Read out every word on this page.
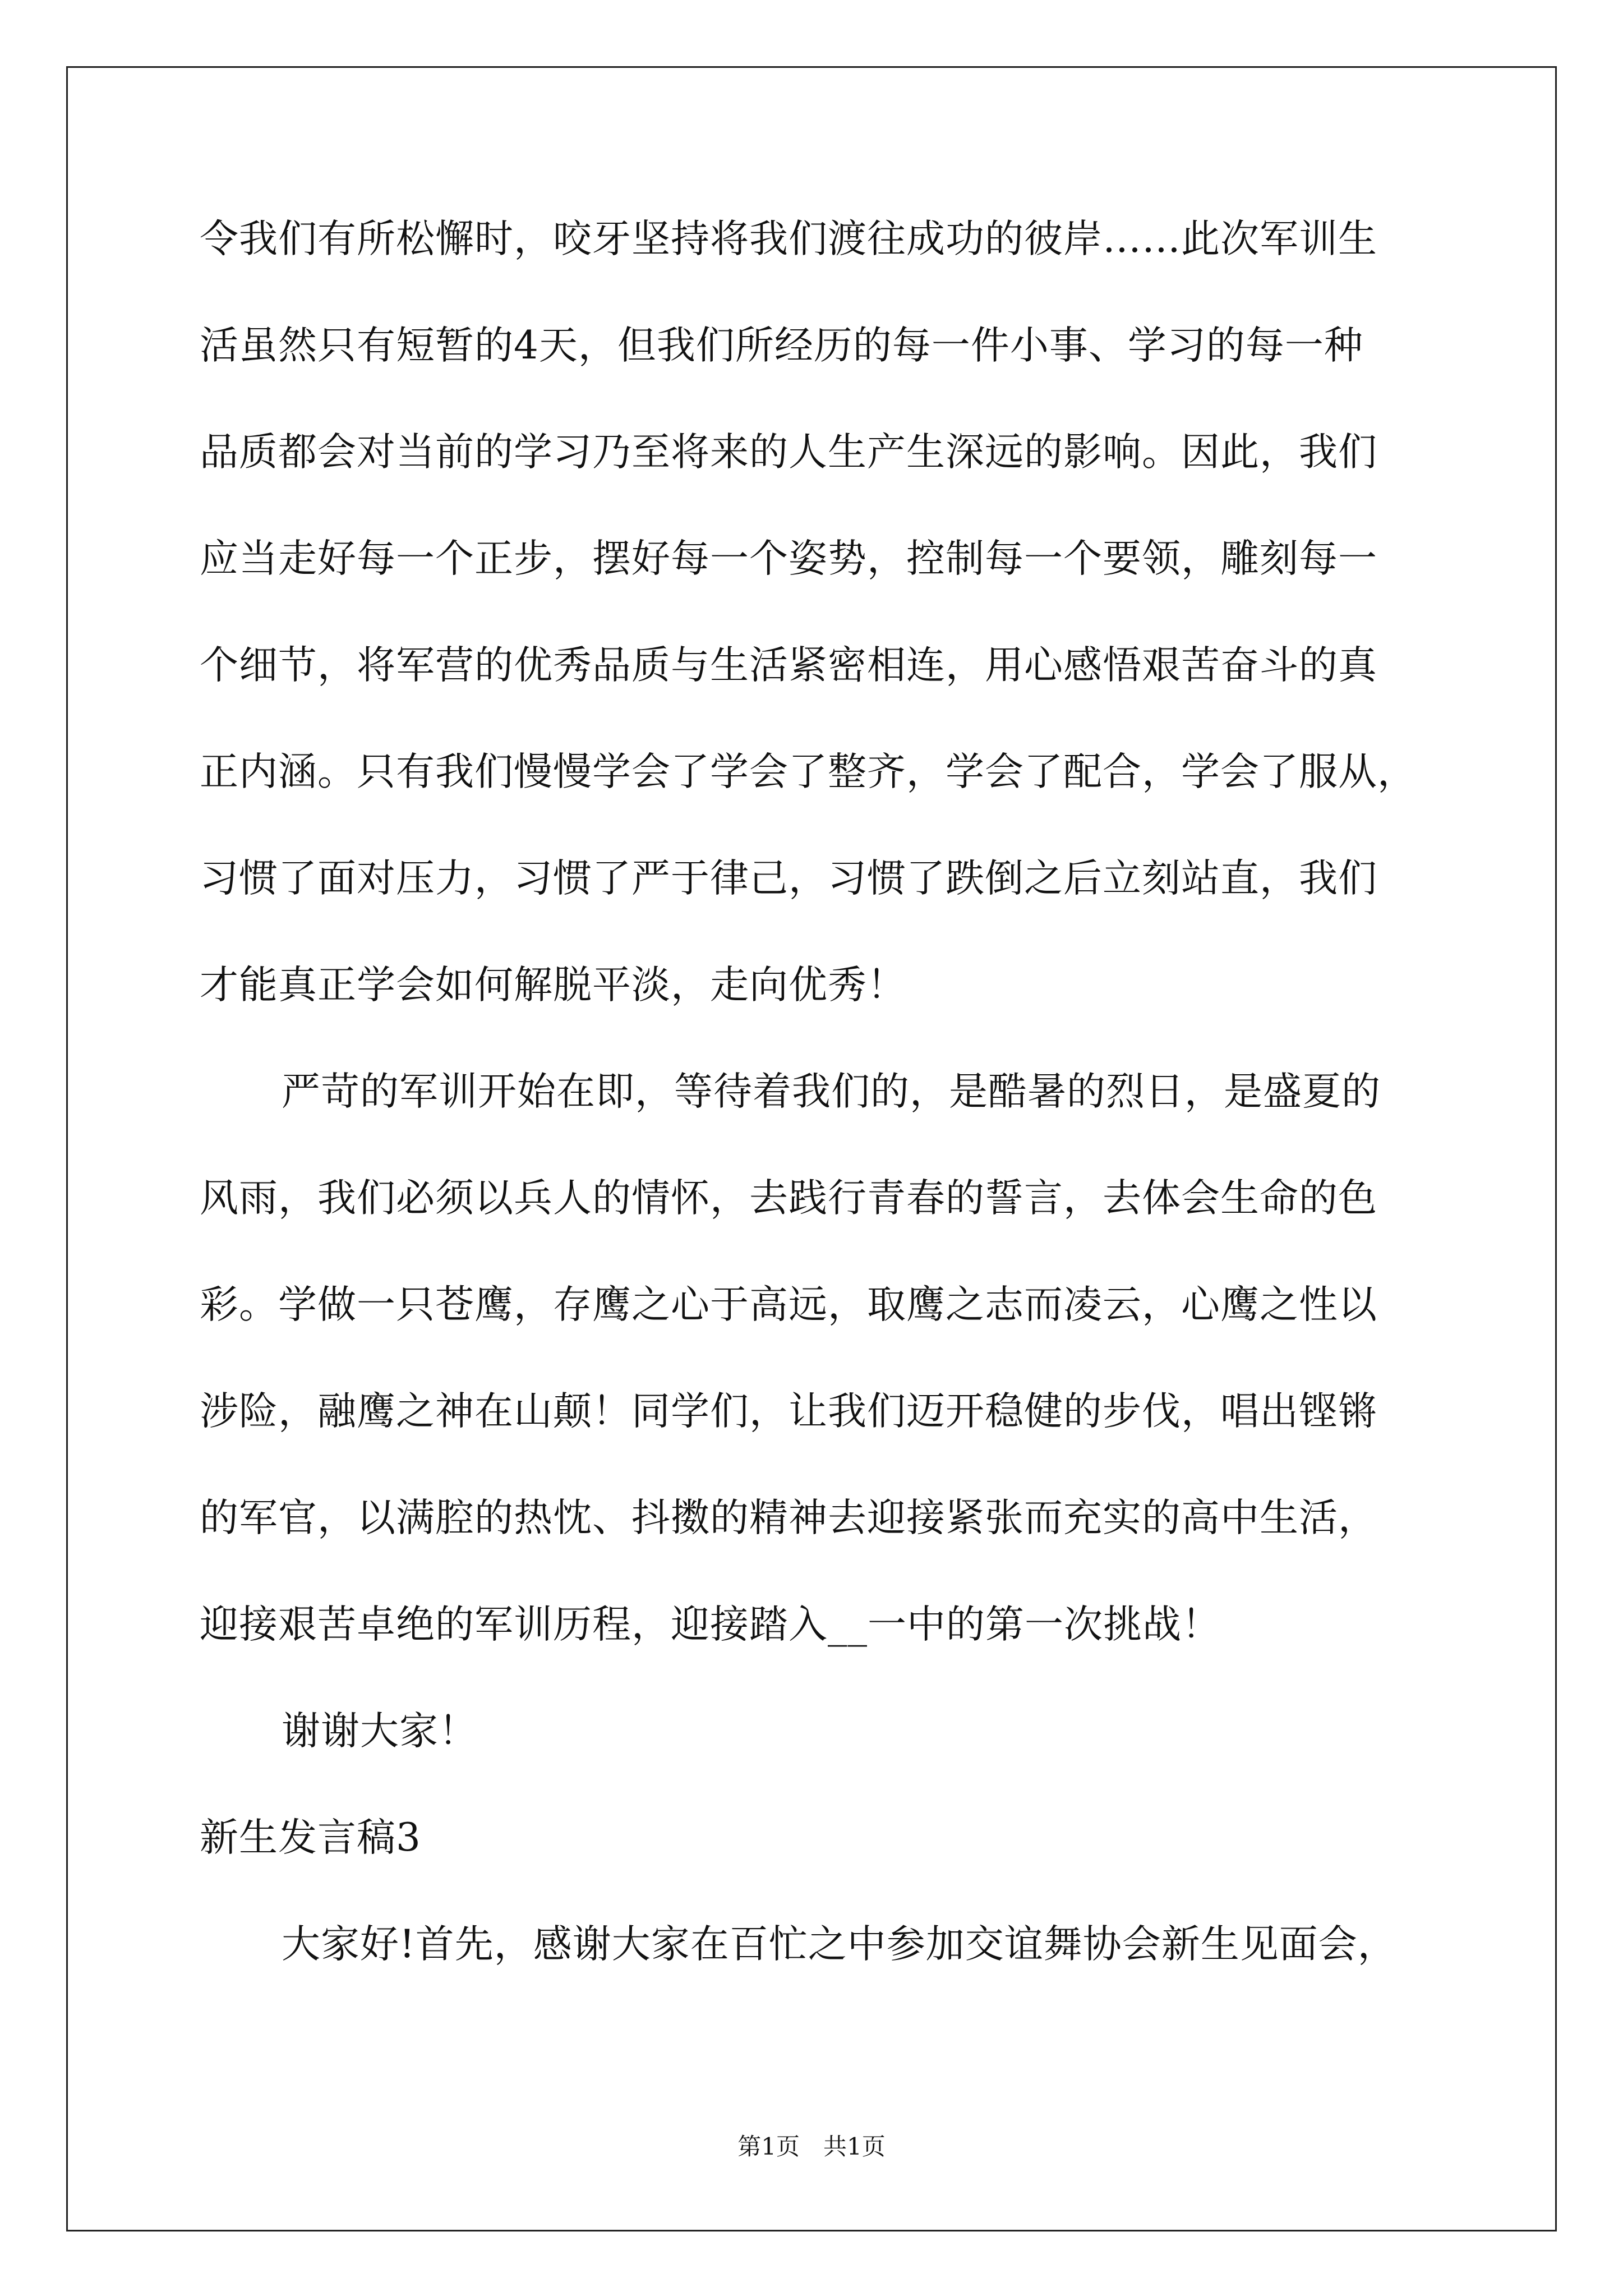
令我们有所松懈时，咬牙坚持将我们渡往成功的彼岸……此次军训生
活虽然只有短暂的4天，但我们所经历的每一件小事、学习的每一种
品质都会对当前的学习乃至将来的人生产生深远的影响。因此，我们
应当走好每一个正步，摆好每一个姿势，控制每一个要领，雕刻每一
个细节，将军营的优秀品质与生活紧密相连，用心感悟艰苦奋斗的真
正内涵。只有我们慢慢学会了学会了整齐，学会了配合，学会了服从，
习惯了面对压力，习惯了严于律己，习惯了跌倒之后立刻站直，我们
才能真正学会如何解脱平淡，走向优秀！
严苛的军训开始在即，等待着我们的，是酷暑的烈日，是盛夏的
风雨，我们必须以兵人的情怀，去践行青春的誓言，去体会生命的色
彩。学做一只苍鹰，存鹰之心于高远，取鹰之志而凌云，心鹰之性以
涉险，融鹰之神在山颠！同学们，让我们迈开稳健的步伐，唱出铿锵
的军官，以满腔的热忱、抖擞的精神去迎接紧张而充实的高中生活，
迎接艰苦卓绝的军训历程，迎接踏入__一中的第一次挑战！
谢谢大家！
新生发言稿3
大家好!首先，感谢大家在百忙之中参加交谊舞协会新生见面会，
第1页　共1页
